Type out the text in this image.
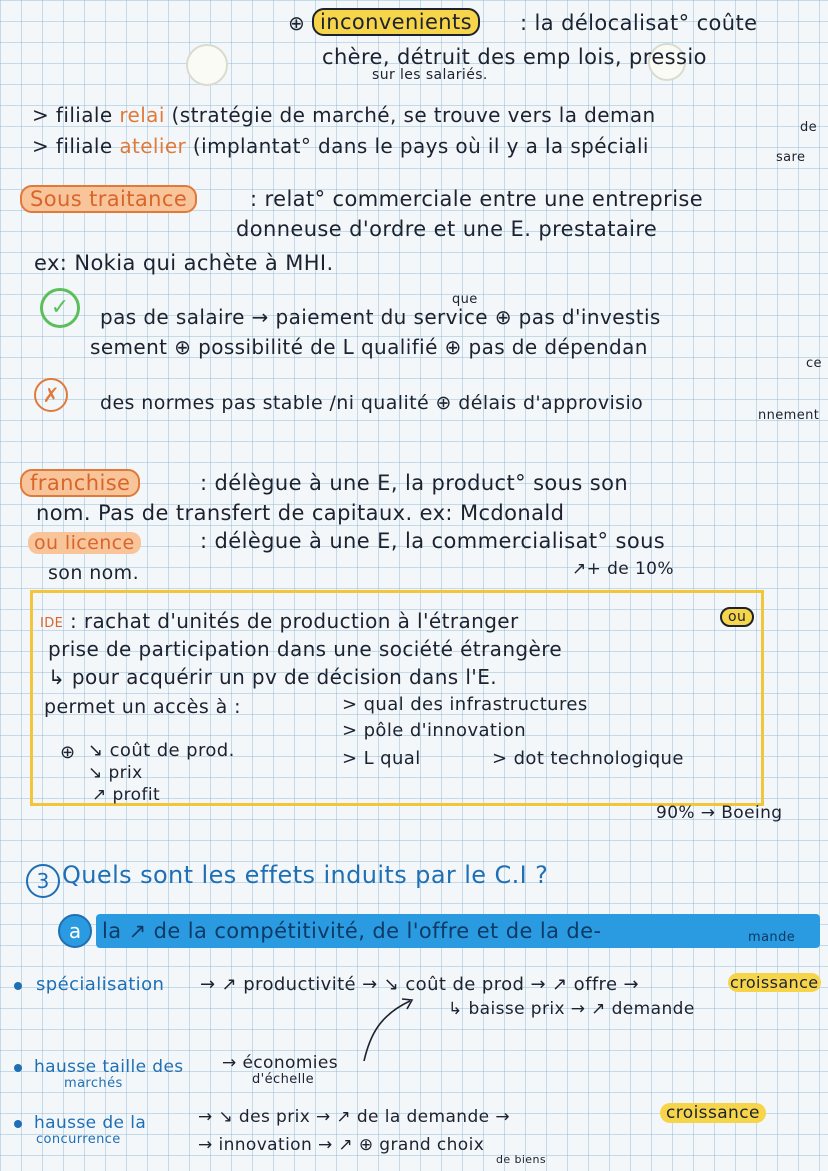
⊕ inconvenients	: la délocalisat° coûte
chère, détruit des emp lois, pressio
sur les salariés.
> filiale relai (stratégie de marché, se trouve vers la deman
de
> filiale atelier (implantat° dans le pays où il y a la spéciali	sare
Sous traitance	: relat° commerciale entre une entreprise
donneuse d'ordre et une E. prestataire
ex: Nokia qui achète à MHI.
✓	que
pas de salaire → paiement du service ⊕ pas d'investis
sement ⊕ possibilité de L qualifié ⊕ pas de dépendan
ce
✗	des normes pas stable /ni qualité ⊕ délais d'approvisio
nnement
franchise	: délègue à une E, la product° sous son
nom. Pas de transfert de capitaux. ex: Mcdonald
ou licence	: délègue à une E, la commercialisat° sous
son nom.	↗+ de 10%
IDE : rachat d'unités de production à l'étranger	ou
prise de participation dans une société étrangère
↳ pour acquérir un pv de décision dans l'E.
permet un accès à :	> qual des infrastructures
> pôle d'innovation
> L qual	> dot technologique
⊕ ↘ coût de prod.
↘ prix
↗ profit
90% → Boeing
3 Quels sont les effets induits par le C.I ?
a la ↗ de la compétitivité, de l'offre et de la de-	mande
spécialisation → ↗ productivité → ↘ coût de prod → ↗ offre →	croissance
↳ baisse prix → ↗ demande
hausse taille des
marchés
→ économies
d'échelle
hausse de la
concurrence
→ ↘ des prix → ↗ de la demande →	croissance
→ innovation → ↗ ⊕ grand choix
de biens
